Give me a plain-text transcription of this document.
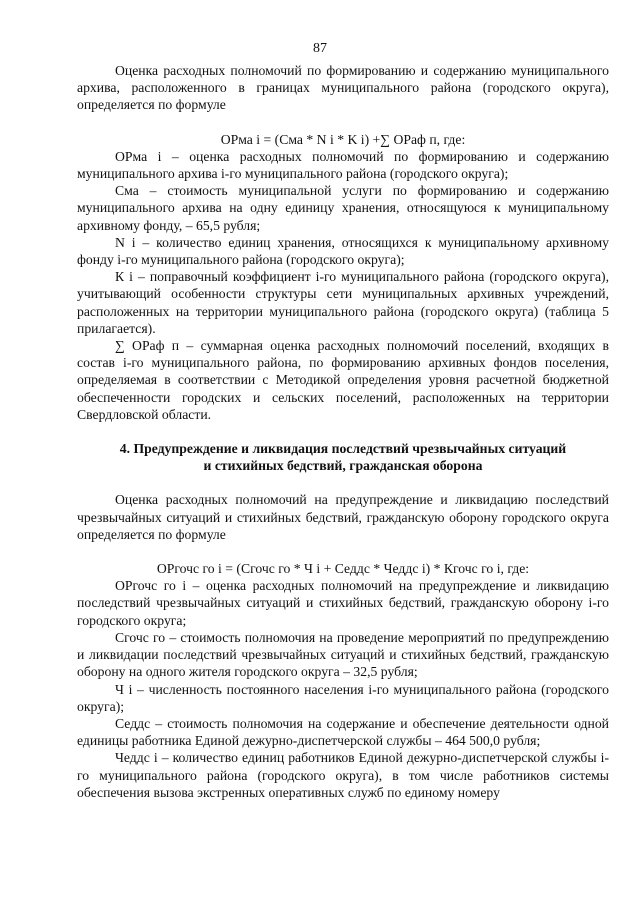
87

Оценка расходных полномочий по формированию и содержанию муниципального архива, расположенного в границах муниципального района (городского округа), определяется по формуле

ОРма i = (Сма * N i * K i) +∑ ОРаф п, где:

ОРма i – оценка расходных полномочий по формированию и содержанию муниципального архива i-го муниципального района (городского округа);

Сма – стоимость муниципальной услуги по формированию и содержанию муниципального архива на одну единицу хранения, относящуюся к муниципальному архивному фонду, – 65,5 рубля;

N i – количество единиц хранения, относящихся к муниципальному архивному фонду i-го муниципального района (городского округа);

К i – поправочный коэффициент i-го муниципального района (городского округа), учитывающий особенности структуры сети муниципальных архивных учреждений, расположенных на территории муниципального района (городского округа) (таблица 5 прилагается).

∑ ОРаф п – суммарная оценка расходных полномочий поселений, входящих в состав i-го муниципального района, по формированию архивных фондов поселения, определяемая в соответствии с Методикой определения уровня расчетной бюджетной обеспеченности городских и сельских поселений, расположенных на территории Свердловской области.

4. Предупреждение и ликвидация последствий чрезвычайных ситуаций
и стихийных бедствий, гражданская оборона

Оценка расходных полномочий на предупреждение и ликвидацию последствий чрезвычайных ситуаций и стихийных бедствий, гражданскую оборону городского округа определяется по формуле

ОРгочс го i = (Сгочс го * Ч i + Седдс * Чеддс i) * Кгочс го i, где:

ОРгочс го i – оценка расходных полномочий на предупреждение и ликвидацию последствий чрезвычайных ситуаций и стихийных бедствий, гражданскую оборону i-го городского округа;

Сгочс го – стоимость полномочия на проведение мероприятий по предупреждению и ликвидации последствий чрезвычайных ситуаций и стихийных бедствий, гражданскую оборону на одного жителя городского округа – 32,5 рубля;

Ч i – численность постоянного населения i-го муниципального района (городского округа);

Седдс – стоимость полномочия на содержание и обеспечение деятельности одной единицы работника Единой дежурно-диспетчерской службы – 464 500,0 рубля;

Чеддс i – количество единиц работников Единой дежурно-диспетчерской службы i-го муниципального района (городского округа), в том числе работников системы обеспечения вызова экстренных оперативных служб по единому номеру
